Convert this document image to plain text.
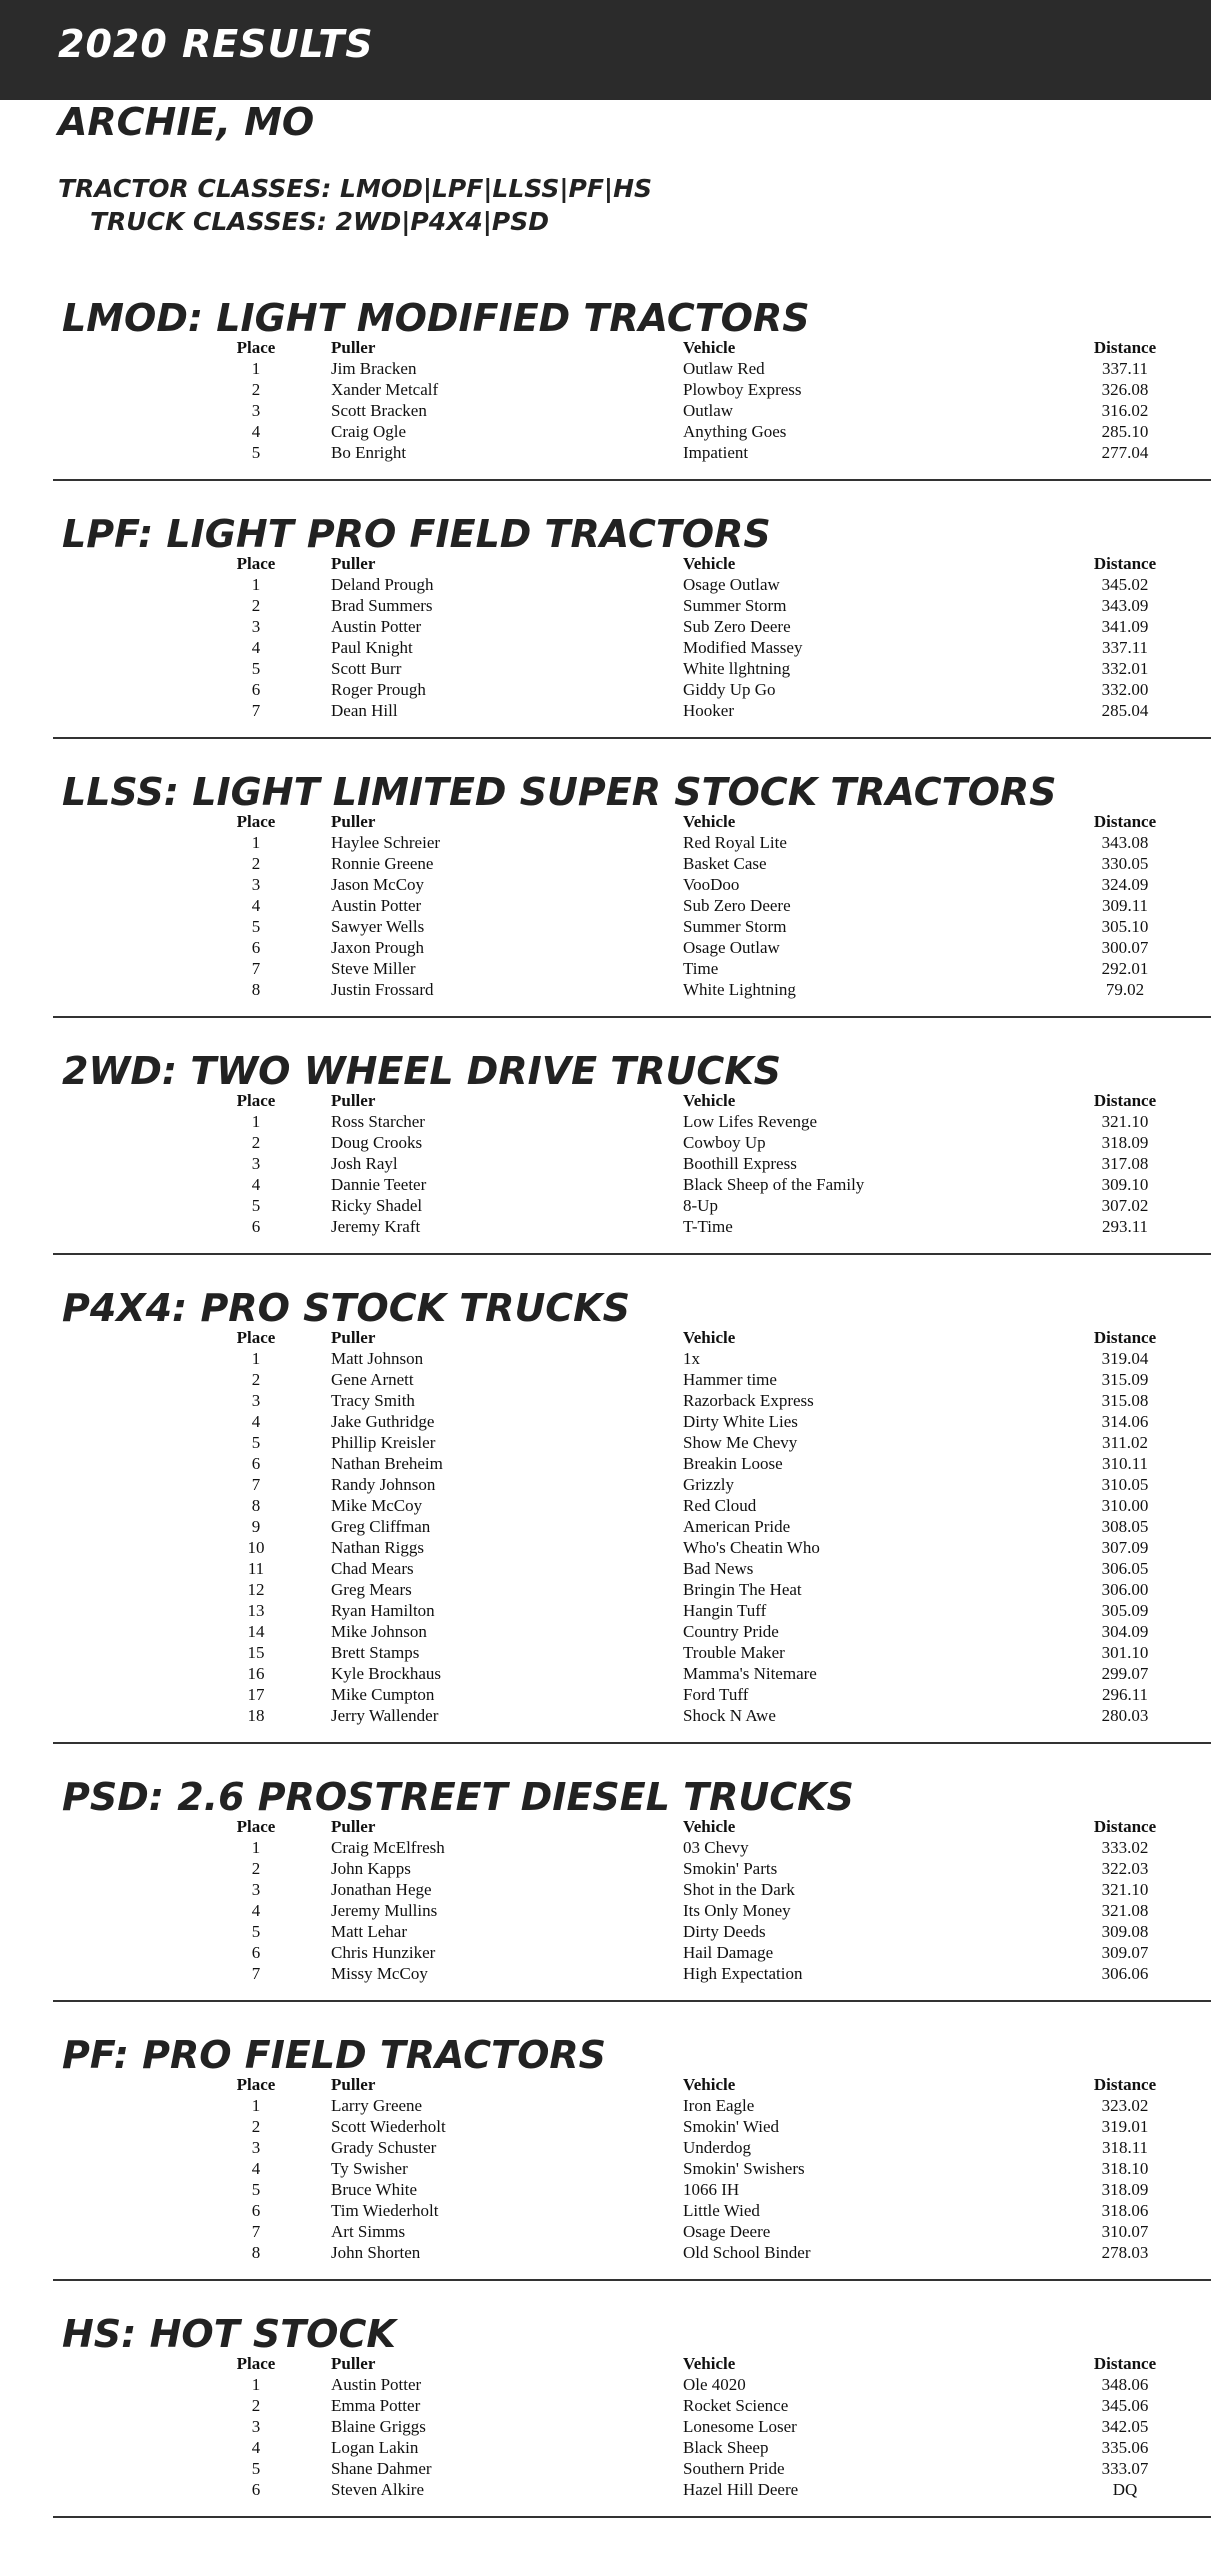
2020 RESULTS
ARCHIE, MO
TRACTOR CLASSES: LMOD|LPF|LLSS|PF|HS
TRUCK CLASSES: 2WD|P4X4|PSD
LMOD: LIGHT MODIFIED TRACTORS
Place	Puller	Vehicle	Distance
1	Jim Bracken	Outlaw Red	337.11
2	Xander Metcalf	Plowboy Express	326.08
3	Scott Bracken	Outlaw	316.02
4	Craig Ogle	Anything Goes	285.10
5	Bo Enright	Impatient	277.04
LPF: LIGHT PRO FIELD TRACTORS
Place	Puller	Vehicle	Distance
1	Deland Prough	Osage Outlaw	345.02
2	Brad Summers	Summer Storm	343.09
3	Austin Potter	Sub Zero Deere	341.09
4	Paul Knight	Modified Massey	337.11
5	Scott Burr	White llghtning	332.01
6	Roger Prough	Giddy Up Go	332.00
7	Dean Hill	Hooker	285.04
LLSS: LIGHT LIMITED SUPER STOCK TRACTORS
Place	Puller	Vehicle	Distance
1	Haylee Schreier	Red Royal Lite	343.08
2	Ronnie Greene	Basket Case	330.05
3	Jason McCoy	VooDoo	324.09
4	Austin Potter	Sub Zero Deere	309.11
5	Sawyer Wells	Summer Storm	305.10
6	Jaxon Prough	Osage Outlaw	300.07
7	Steve Miller	Time	292.01
8	Justin Frossard	White Lightning	79.02
2WD: TWO WHEEL DRIVE TRUCKS
Place	Puller	Vehicle	Distance
1	Ross Starcher	Low Lifes Revenge	321.10
2	Doug Crooks	Cowboy Up	318.09
3	Josh Rayl	Boothill Express	317.08
4	Dannie Teeter	Black Sheep of the Family	309.10
5	Ricky Shadel	8-Up	307.02
6	Jeremy Kraft	T-Time	293.11
P4X4: PRO STOCK TRUCKS
Place	Puller	Vehicle	Distance
1	Matt Johnson	1x	319.04
2	Gene Arnett	Hammer time	315.09
3	Tracy Smith	Razorback Express	315.08
4	Jake Guthridge	Dirty White Lies	314.06
5	Phillip Kreisler	Show Me Chevy	311.02
6	Nathan Breheim	Breakin Loose	310.11
7	Randy Johnson	Grizzly	310.05
8	Mike McCoy	Red Cloud	310.00
9	Greg Cliffman	American Pride	308.05
10	Nathan Riggs	Who's Cheatin Who	307.09
11	Chad Mears	Bad News	306.05
12	Greg Mears	Bringin The Heat	306.00
13	Ryan Hamilton	Hangin Tuff	305.09
14	Mike Johnson	Country Pride	304.09
15	Brett Stamps	Trouble Maker	301.10
16	Kyle Brockhaus	Mamma's Nitemare	299.07
17	Mike Cumpton	Ford Tuff	296.11
18	Jerry Wallender	Shock N Awe	280.03
PSD: 2.6 PROSTREET DIESEL TRUCKS
Place	Puller	Vehicle	Distance
1	Craig McElfresh	03 Chevy	333.02
2	John Kapps	Smokin' Parts	322.03
3	Jonathan Hege	Shot in the Dark	321.10
4	Jeremy Mullins	Its Only Money	321.08
5	Matt Lehar	Dirty Deeds	309.08
6	Chris Hunziker	Hail Damage	309.07
7	Missy McCoy	High Expectation	306.06
PF: PRO FIELD TRACTORS
Place	Puller	Vehicle	Distance
1	Larry Greene	Iron Eagle	323.02
2	Scott Wiederholt	Smokin' Wied	319.01
3	Grady Schuster	Underdog	318.11
4	Ty Swisher	Smokin' Swishers	318.10
5	Bruce White	1066 IH	318.09
6	Tim Wiederholt	Little Wied	318.06
7	Art Simms	Osage Deere	310.07
8	John Shorten	Old School Binder	278.03
HS: HOT STOCK
Place	Puller	Vehicle	Distance
1	Austin Potter	Ole 4020	348.06
2	Emma Potter	Rocket Science	345.06
3	Blaine Griggs	Lonesome Loser	342.05
4	Logan Lakin	Black Sheep	335.06
5	Shane Dahmer	Southern Pride	333.07
6	Steven Alkire	Hazel Hill Deere	DQ
